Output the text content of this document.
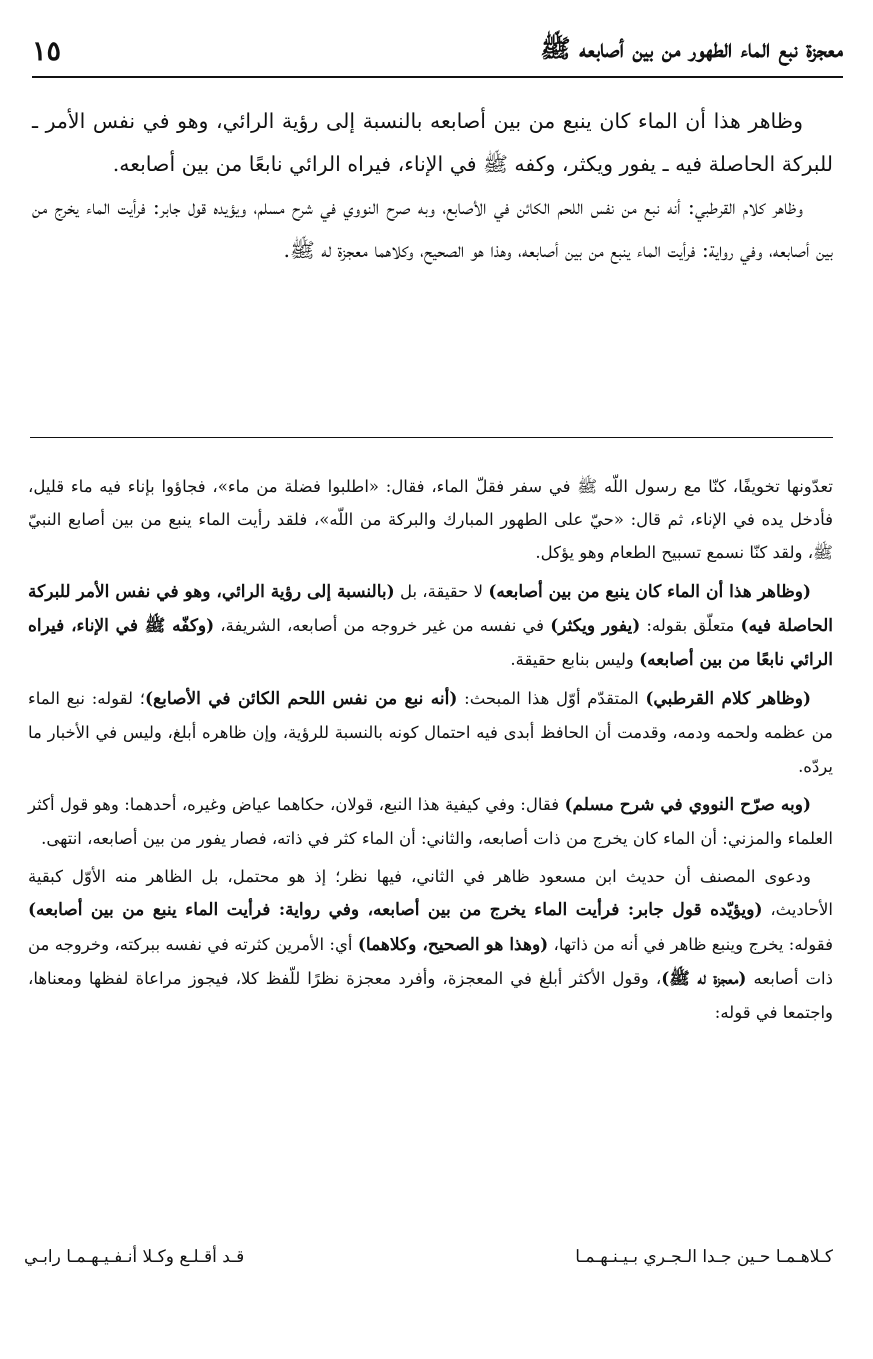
معجزة نبع الماء الطهور من بين أصابعه ﷺ
١٥

وظاهر هذا أن الماء كان ينبع من بين أصابعه بالنسبة إلى رؤية الرائي، وهو في نفس الأمر ـ للبركة الحاصلة فيه ـ يفور ويكثر، وكفه ﷺ في الإناء، فيراه الرائي نابعًا من بين أصابعه.

وظاهر كلام القرطبي: أنه نبع من نفس اللحم الكائن في الأصابع، وبه صرح النووي في شرح مسلم، ويؤيده قول جابر: فرأيت الماء يخرج من بين أصابعه، وفي رواية: فرأيت الماء ينبع من بين أصابعه، وهذا هو الصحيح، وكلاهما معجزة له ﷺ.

تعدّونها تخويفًا، كنّا مع رسول اللّه ﷺ في سفر فقلّ الماء، فقال: «اطلبوا فضلة من ماء»، فجاؤوا بإناء فيه ماء قليل، فأدخل يده في الإناء، ثم قال: «حيّ على الطهور المبارك والبركة من اللّه»، فلقد رأيت الماء ينبع من بين أصابع النبيّ ﷺ، ولقد كنّا نسمع تسبيح الطعام وهو يؤكل.

(وظاهر هذا أن الماء كان ينبع من بين أصابعه) لا حقيقة، بل (بالنسبة إلى رؤية الرائي، وهو في نفس الأمر للبركة الحاصلة فيه) متعلّق بقوله: (يفور ويكثر) في نفسه من غير خروجه من أصابعه، الشريفة، (وكفّه ﷺ في الإناء، فيراه الرائي نابعًا من بين أصابعه) وليس بنابع حقيقة.

(وظاهر كلام القرطبي) المتقدّم أوّل هذا المبحث: (أنه نبع من نفس اللحم الكائن في الأصابع)؛ لقوله: نبع الماء من عظمه ولحمه ودمه، وقدمت أن الحافظ أبدى فيه احتمال كونه بالنسبة للرؤية، وإن ظاهره أبلغ، وليس في الأخبار ما يردّه.

(وبه صرّح النووي في شرح مسلم) فقال: وفي كيفية هذا النبع، قولان، حكاهما عياض وغيره، أحدهما: وهو قول أكثر العلماء والمزني: أن الماء كان يخرج من ذات أصابعه، والثاني: أن الماء كثر في ذاته، فصار يفور من بين أصابعه، انتهى.

ودعوى المصنف أن حديث ابن مسعود ظاهر في الثاني، فيها نظر؛ إذ هو محتمل، بل الظاهر منه الأوّل كبقية الأحاديث، (ويؤيّده قول جابر: فرأيت الماء يخرج من بين أصابعه، وفي رواية: فرأيت الماء ينبع من بين أصابعه) فقوله: يخرج وينبع ظاهر في أنه من ذاتها، (وهذا هو الصحيح، وكلاهما) أي: الأمرين كثرته في نفسه ببركته، وخروجه من ذات أصابعه (معجزة له ﷺ)، وقول الأكثر أبلغ في المعجزة، وأفرد معجزة نظرًا للّفظ كلا، فيجوز مراعاة لفظها ومعناها، واجتمعا في قوله:

كـلاهـمـا حـين جـدا الـجـري بـيـنـهـمـا
قـد أقـلـع وكـلا أنـفـيـهـمـا رابـي
